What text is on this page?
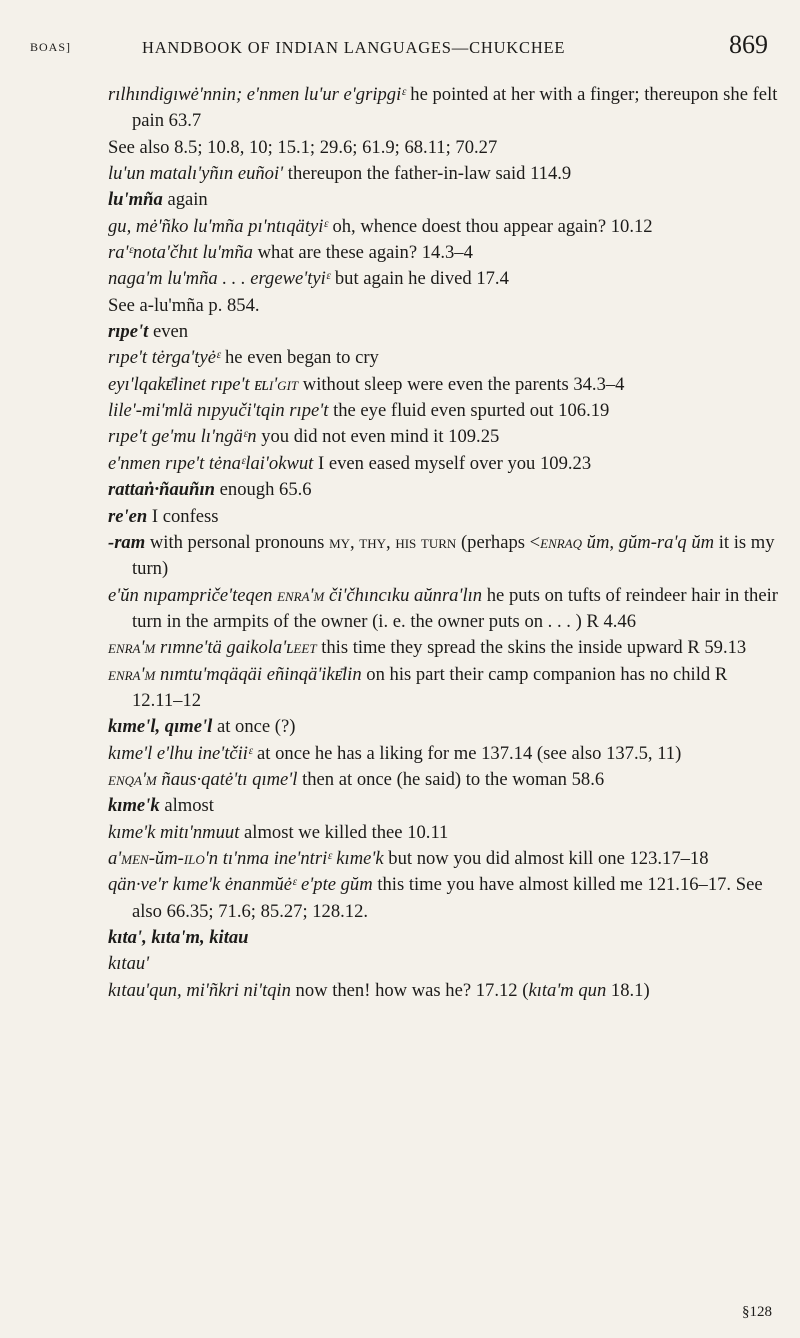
BOAS]	HANDBOOK OF INDIAN LANGUAGES—CHUKCHEE	869
rılhındigıwė'nnin; e'nmen lu'ur e'gripgiᵋ he pointed at her with a finger; thereupon she felt pain 63.7
See also 8.5; 10.8, 10; 15.1; 29.6; 61.9; 68.11; 70.27
lu'un matalı'yñın euñoi' thereupon the father-in-law said 114.9
lu'mña again
gu, mė'ñko lu'mña pı'ntıqätyiᵋ oh, whence doest thou appear again? 10.12
ra'ᵋnota'čhıt lu'mña what are these again? 14.3–4
naga'm lu'mña . . . ergewe'tyiᵋ but again he dived 17.4
See a-lu'mña p. 854.
rıpe't even
rıpe't tėrga'tyėᵋ he even began to cry
eyı'lqakᴇ̄linet rıpe't ᴇʟı'git without sleep were even the parents 34.3–4
lile'-mi'mlä nıpyuči'tqin rıpe't the eye fluid even spurted out 106.19
rıpe't ge'mu lı'ngäᵋn you did not even mind it 109.25
e'nmen rıpe't tėnaᵋlai'okwut I even eased myself over you 109.23
rattaṅ·ñauñın enough 65.6
re'en I confess
-ram with personal pronouns my, thy, his turn (perhaps <enraq ŭm, gŭm-ra'q ŭm it is my turn)
e'ŭn nıpampriče'teqen enra'm či'čhıncıku aŭnra'lın he puts on tufts of reindeer hair in their turn in the armpits of the owner (i. e. the owner puts on . . . ) R 4.46
enra'm rımne'tä gaikola'ʟeet this time they spread the skins the inside upward R 59.13
enra'm nımtu'mqäqäi eñinqä'ikᴇ̄lin on his part their camp companion has no child R 12.11–12
kıme'l, qıme'l at once (?)
kıme'l e'lhu ine'tčiiᵋ at once he has a liking for me 137.14 (see also 137.5, 11)
enqa'm ñaus·qatė'tı qıme'l then at once (he said) to the woman 58.6
kıme'k almost
kıme'k mitı'nmuut almost we killed thee 10.11
a'men-ŭm-ılo'n tı'nma ine'ntriᵋ kıme'k but now you did almost kill one 123.17–18
qän·ve'r kıme'k ėnanmŭėᵋ e'pte gŭm this time you have almost killed me 121.16–17. See also 66.35; 71.6; 85.27; 128.12.
kıta', kıta'm, kitau
kıtau'
kıtau'qun, mi'ñkri ni'tqin now then! how was he? 17.12 (kıta'm qun 18.1)
§128
